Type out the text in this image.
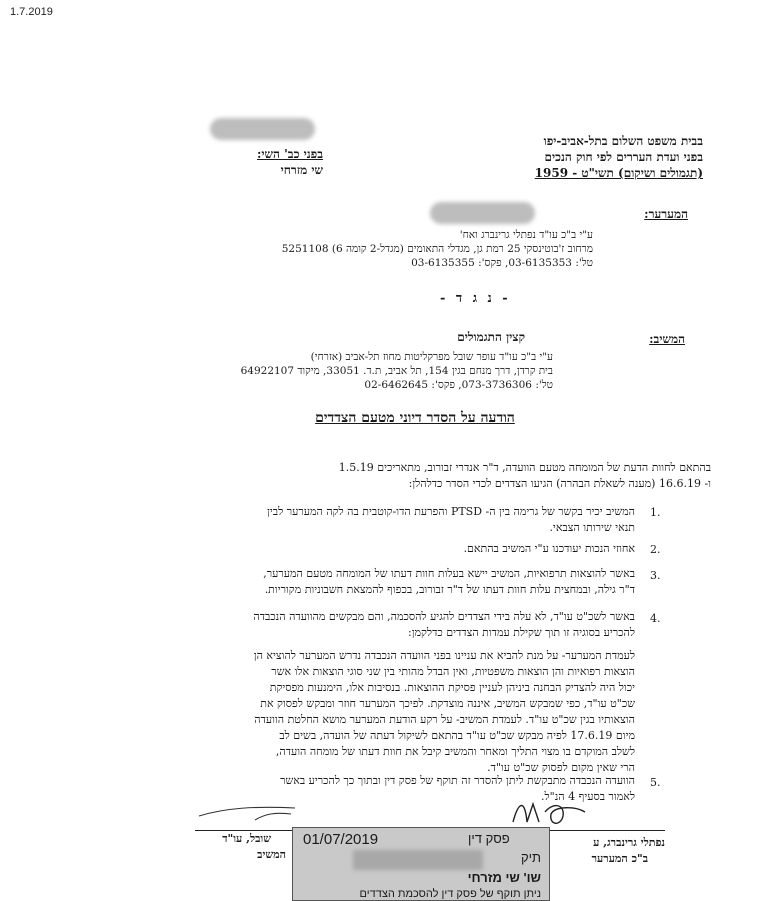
1.7.2019
בבית משפט השלום בתל-אביב-יפו
בפני ועדת העררים לפי חוק הנכים
(תגמולים ושיקום) תשי"ט - 1959
בפני כב' השי:
שי מזרחי
המערער:
ע"י ב"כ עו"ד נפתלי גרינברג ואח'
מרחוב ז'בוטינסקי 25 רמת גן, מגדלי התאומים (מגדל-2 קומה 6) 5251108
טל': 03-6135353, פקס': 03-6135355
- נ ג ד -
המשיב:
קצין התגמולים
ע"י ב"כ עו"ד עופר שובל מפרקליטות מחוז תל-אביב (אזרחי)
בית קרדן, דרך מנחם בגין 154, תל אביב, ת.ד. 33051, מיקוד 64922107
טל': 073-3736306, פקס': 02-6462645
הודעה על הסדר דיוני מטעם הצדדים
בהתאם לחוות הדעת של המומחה מטעם הוועדה, ד"ר אנדרי זבורוב, מתאריכים 1.5.19
ו- 16.6.19 (מענה לשאלת הבהרה) הגיעו הצדדים לכדי הסדר כדלהלן:
1.
המשיב יכיר בקשר של גרימה בין ה- PTSD והפרעת הדו-קוטבית בה לקה המערער לבין
תנאי שירותו הצבאי.
2.
אחוזי הנכות יעודכנו ע"י המשיב בהתאם.
3.
באשר להוצאות תרפואיות, המשיב יישא בעלות חוות דעתו של המומחה מטעם המערער,
ד"ר גילה, ובמחצית עלות חוות דעתו של ד"ר זבורוב, בכפוף להמצאת חשבוניות מקוריות.
4.
באשר לשכ"ט עו"ד, לא עלה בידי הצדדים להגיע להסכמה, והם מבקשים מהוועדה הנכבדה
להכריע בסוגיה זו תוך שקילת עמדות הצדדים כדלקמן:
לעמדת המערער- על מנת להביא את עניינו בפני הוועדה הנכבדה נדרש המערער להוציא הן
הוצאות רפואיות והן הוצאות משפטיות, ואין הבדל מהותי בין שני סוגי הוצאות אלו אשר
יכול היה להצדיק הבחנה ביניהן לעניין פסיקת ההוצאות. בנסיבות אלו, הימנעות מפסיקת
שכ"ט עו"ד, כפי שמבקש המשיב, איננה מוצדקת. לפיכך המערער חוזר ומבקש לפסוק את
הוצאותיו בגין שכ"ט עו"ד. לעמדת המשיב- על רקע הודעת המערער מושא החלטת הוועדה
מיום 17.6.19 לפיה מבקש שכ"ט עו"ד בהתאם לשיקול דעתה של הועדה, בשים לב
לשלב המוקדם בו מצוי התליך ומאחר והמשיב קיבל את חוות דעתו של מומחה הועדה,
הרי שאין מקום לפסוק שכ"ט עו"ד.
5.
הוועדה הנכבדה מתבקשת ליתן להסדר זה תוקף של פסק דין ובתוך כך להכריע באשר
לאמור בסעיף 4 הנ"ל.
נפתלי גרינברג, ע
ב"כ המערער
שובל, עו"ד
המשיב
01/07/2019	פסק דין
תיק
שו' שי מזרחי
ניתן תוקף של פסק דין להסכמת הצדדים
